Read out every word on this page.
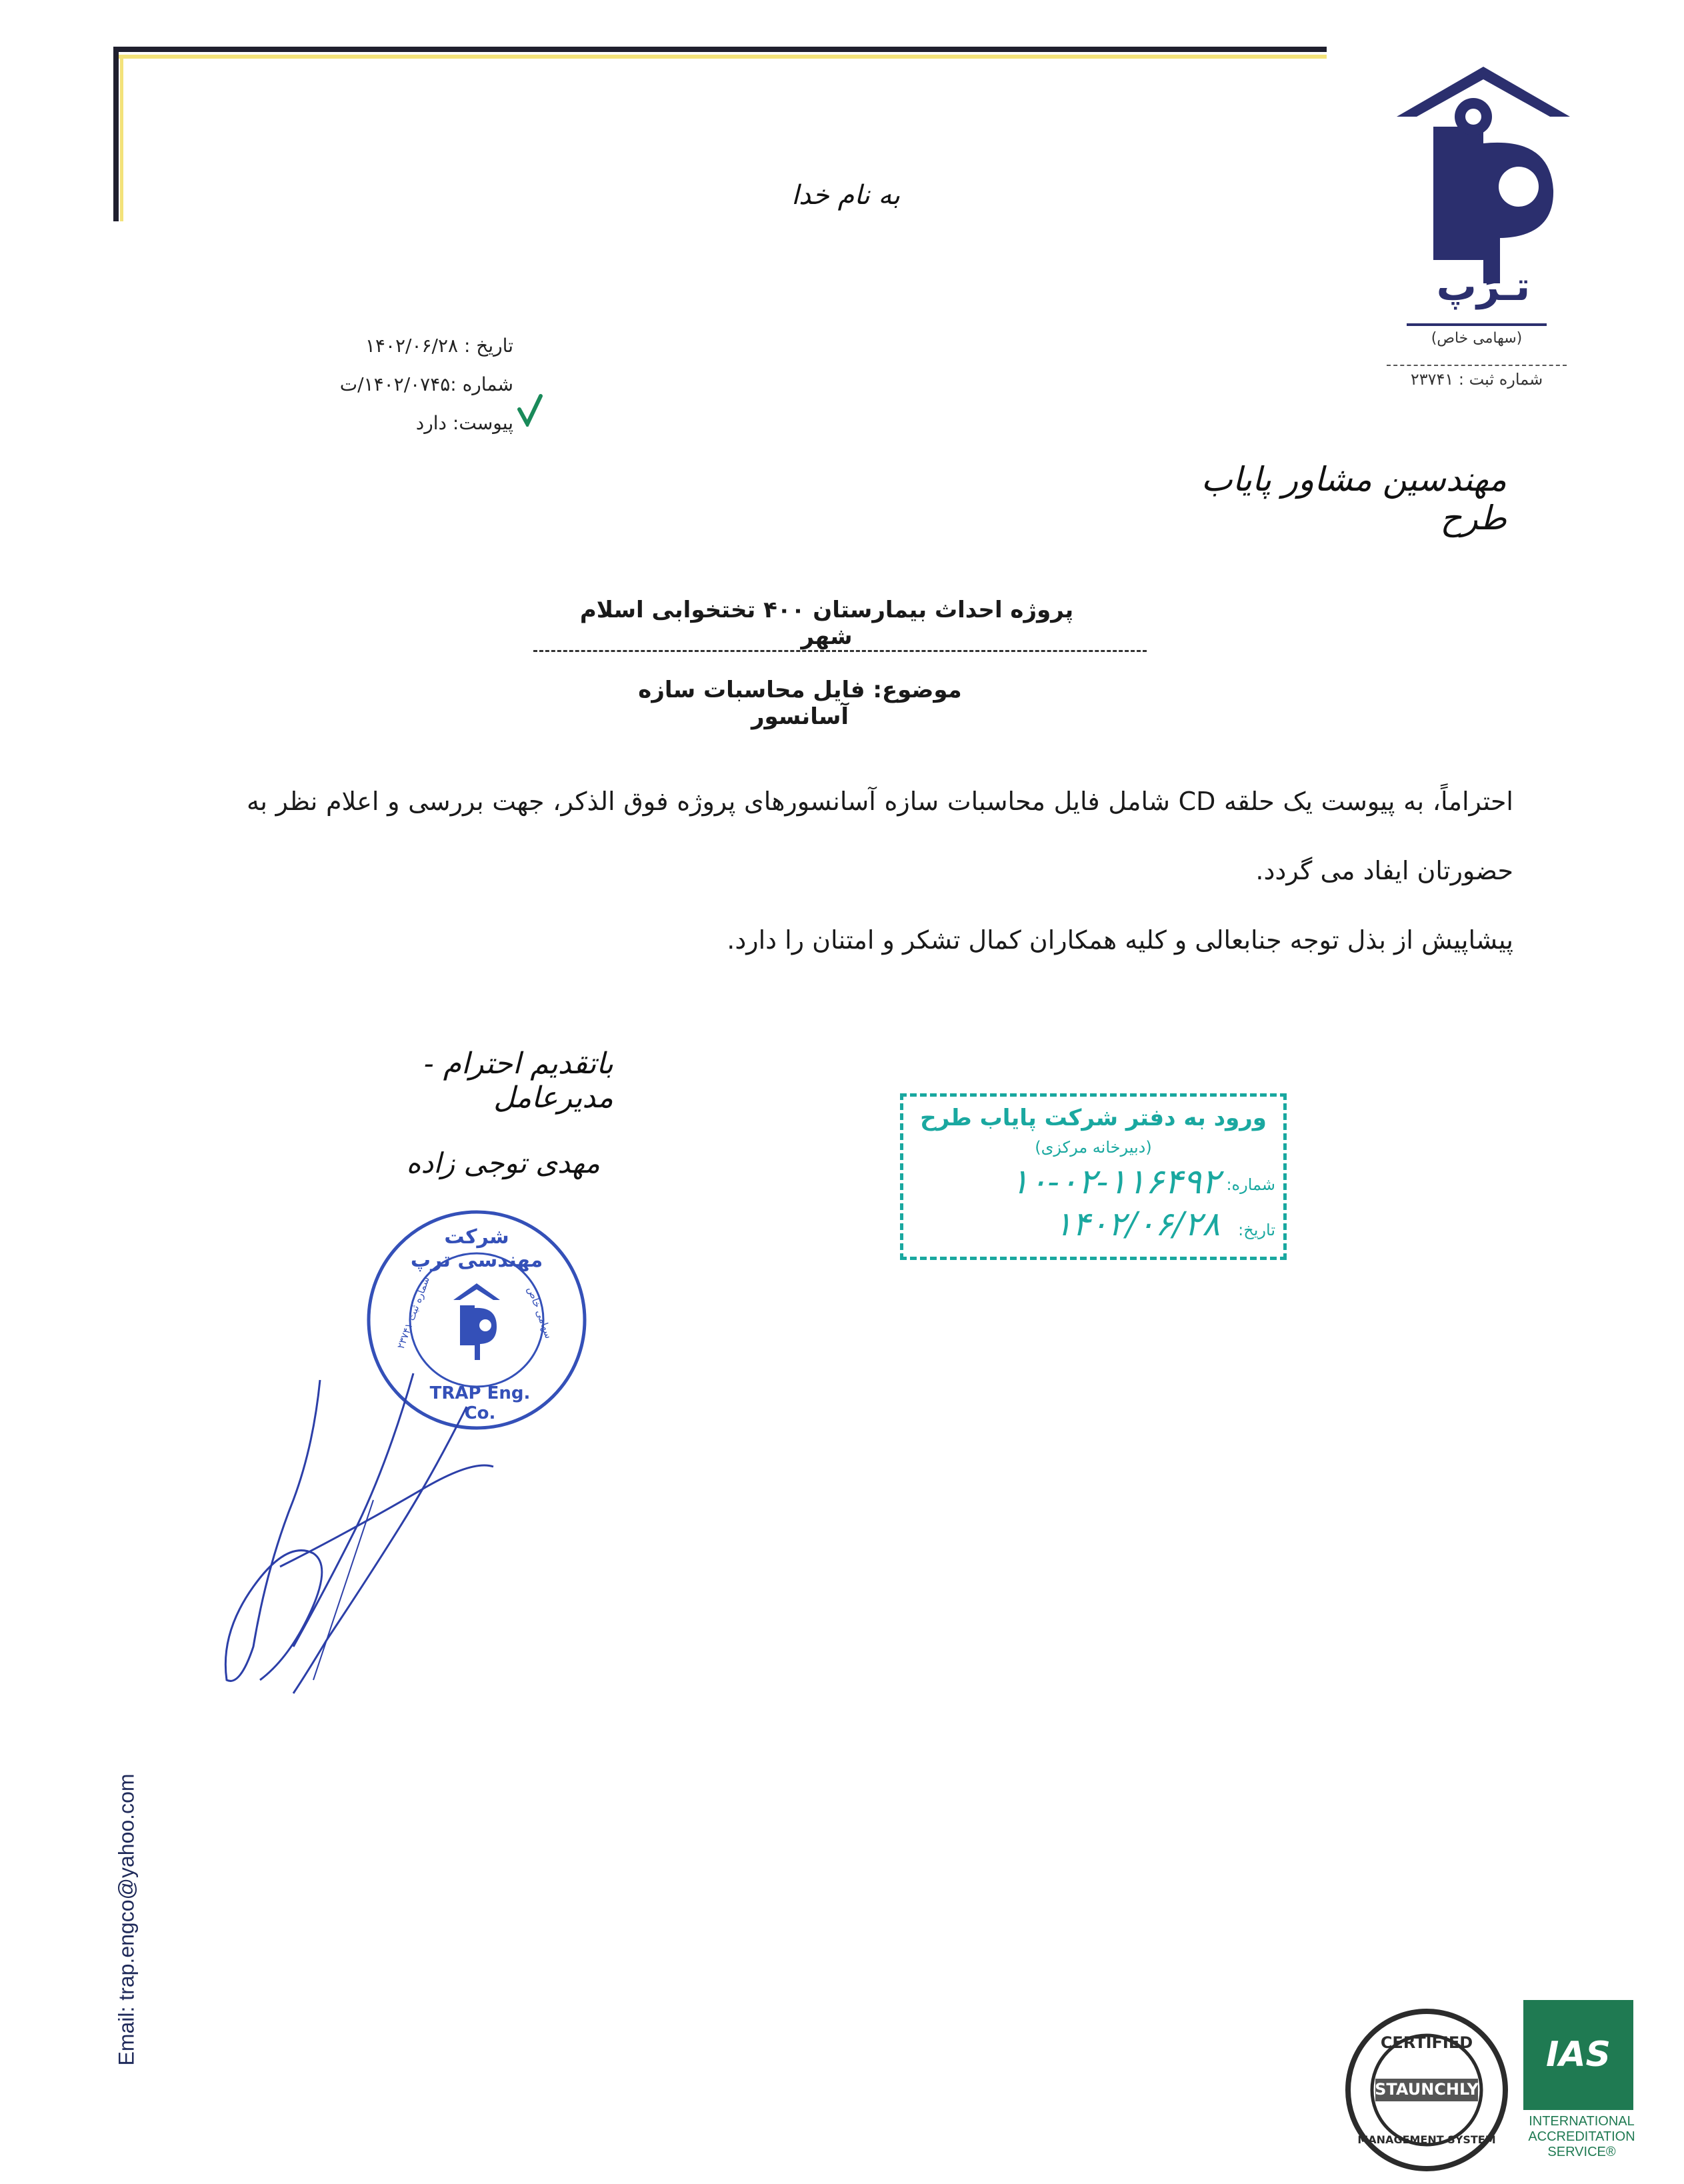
به نام خدا
تـرَپ
(سهامی خاص)
شماره ثبت : ۲۳۷۴۱
تاریخ : ۱۴۰۲/۰۶/۲۸
شماره :۱۴۰۲/۰۷۴۵/ت
پیوست: دارد
مهندسین مشاور پایاب طرح
پروژه احداث بیمارستان ۴۰۰ تختخوابی اسلام شهر
موضوع: فایل محاسبات سازه آسانسور
احتراماً، به پیوست یک حلقه CD شامل فایل محاسبات سازه آسانسورهای پروژه فوق الذکر، جهت بررسی و اعلام نظر به حضورتان ایفاد می گردد.
پیشاپیش از بذل توجه جنابعالی و کلیه همکاران کمال تشکر و امتنان را دارد.
باتقدیم احترام - مدیرعامل
مهدی توجی زاده
شرکت مهندسی ترپ
TRAP Eng. Co.
سهامی خاص
شماره ثبت ۲۳۷۴۱
ورود به دفتر شرکت پایاب طرح
(دبیرخانه مرکزی)
شماره:
۱۰-۰۲-۱۱۶۴۹۲
تاریخ:
۱۴۰۲/۰۶/۲۸
Email: trap.engco@yahoo.com	CERTIFIED
STAUNCHLY
MANAGEMENT SYSTEM
IAS
INTERNATIONAL
ACCREDITATION
SERVICE®
